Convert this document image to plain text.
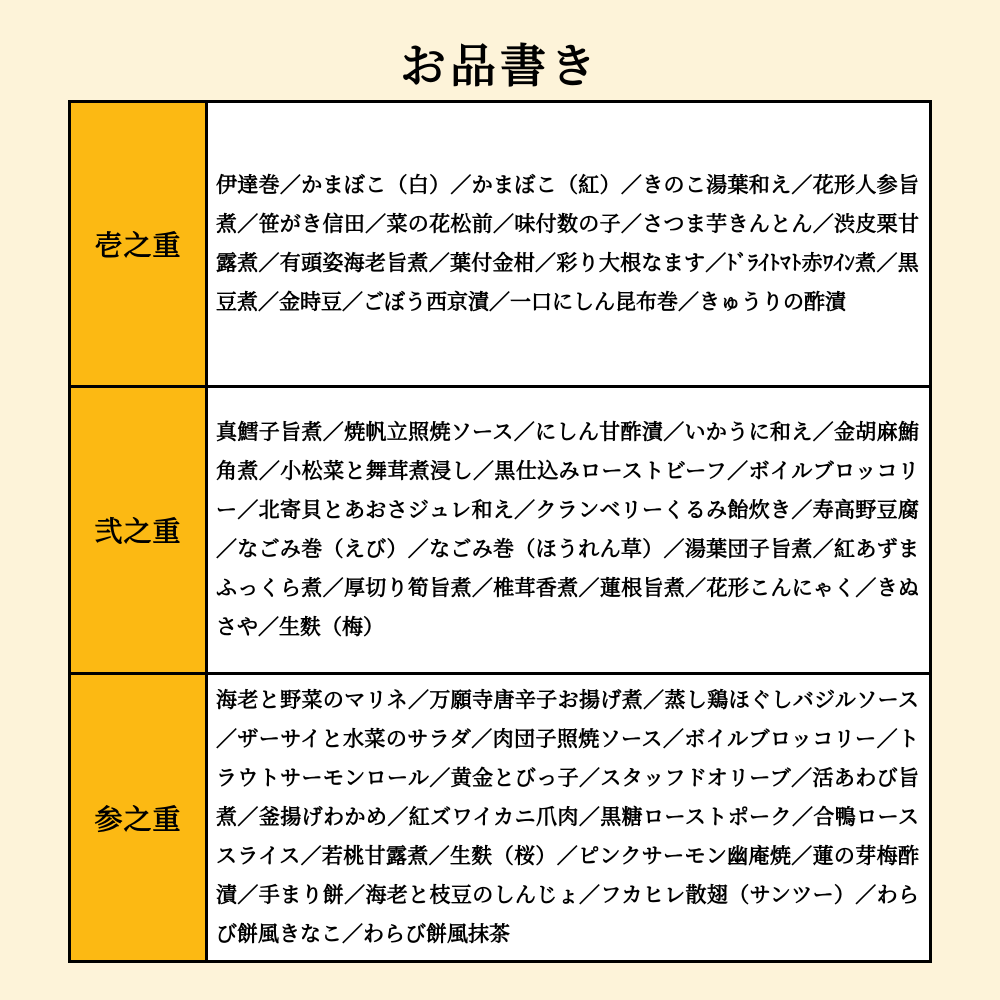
お品書き
壱之重
伊達巻／かまぼこ（白）／かまぼこ（紅）／きのこ湯葉和え／花形人参旨煮／笹がき信田／菜の花松前／味付数の子／さつま芋きんとん／渋皮栗甘露煮／有頭姿海老旨煮／葉付金柑／彩り大根なます／ﾄﾞﾗｲﾄﾏﾄ赤ﾜｲﾝ煮／黒豆煮／金時豆／ごぼう西京漬／一口にしん昆布巻／きゅうりの酢漬
弐之重
真鱈子旨煮／焼帆立照焼ソース／にしん甘酢漬／いかうに和え／金胡麻鮪角煮／小松菜と舞茸煮浸し／黒仕込みローストビーフ／ボイルブロッコリー／北寄貝とあおさジュレ和え／クランベリーくるみ飴炊き／寿高野豆腐／なごみ巻（えび）／なごみ巻（ほうれん草）／湯葉団子旨煮／紅あずまふっくら煮／厚切り筍旨煮／椎茸香煮／蓮根旨煮／花形こんにゃく／きぬさや／生麩（梅）
参之重
海老と野菜のマリネ／万願寺唐辛子お揚げ煮／蒸し鶏ほぐしバジルソース／ザーサイと水菜のサラダ／肉団子照焼ソース／ボイルブロッコリー／トラウトサーモンロール／黄金とびっ子／スタッフドオリーブ／活あわび旨煮／釜揚げわかめ／紅ズワイカニ爪肉／黒糖ローストポーク／合鴨ローススライス／若桃甘露煮／生麩（桜）／ピンクサーモン幽庵焼／蓮の芽梅酢漬／手まり餅／海老と枝豆のしんじょ／フカヒレ散翅（サンツー）／わらび餅風きなこ／わらび餅風抹茶
